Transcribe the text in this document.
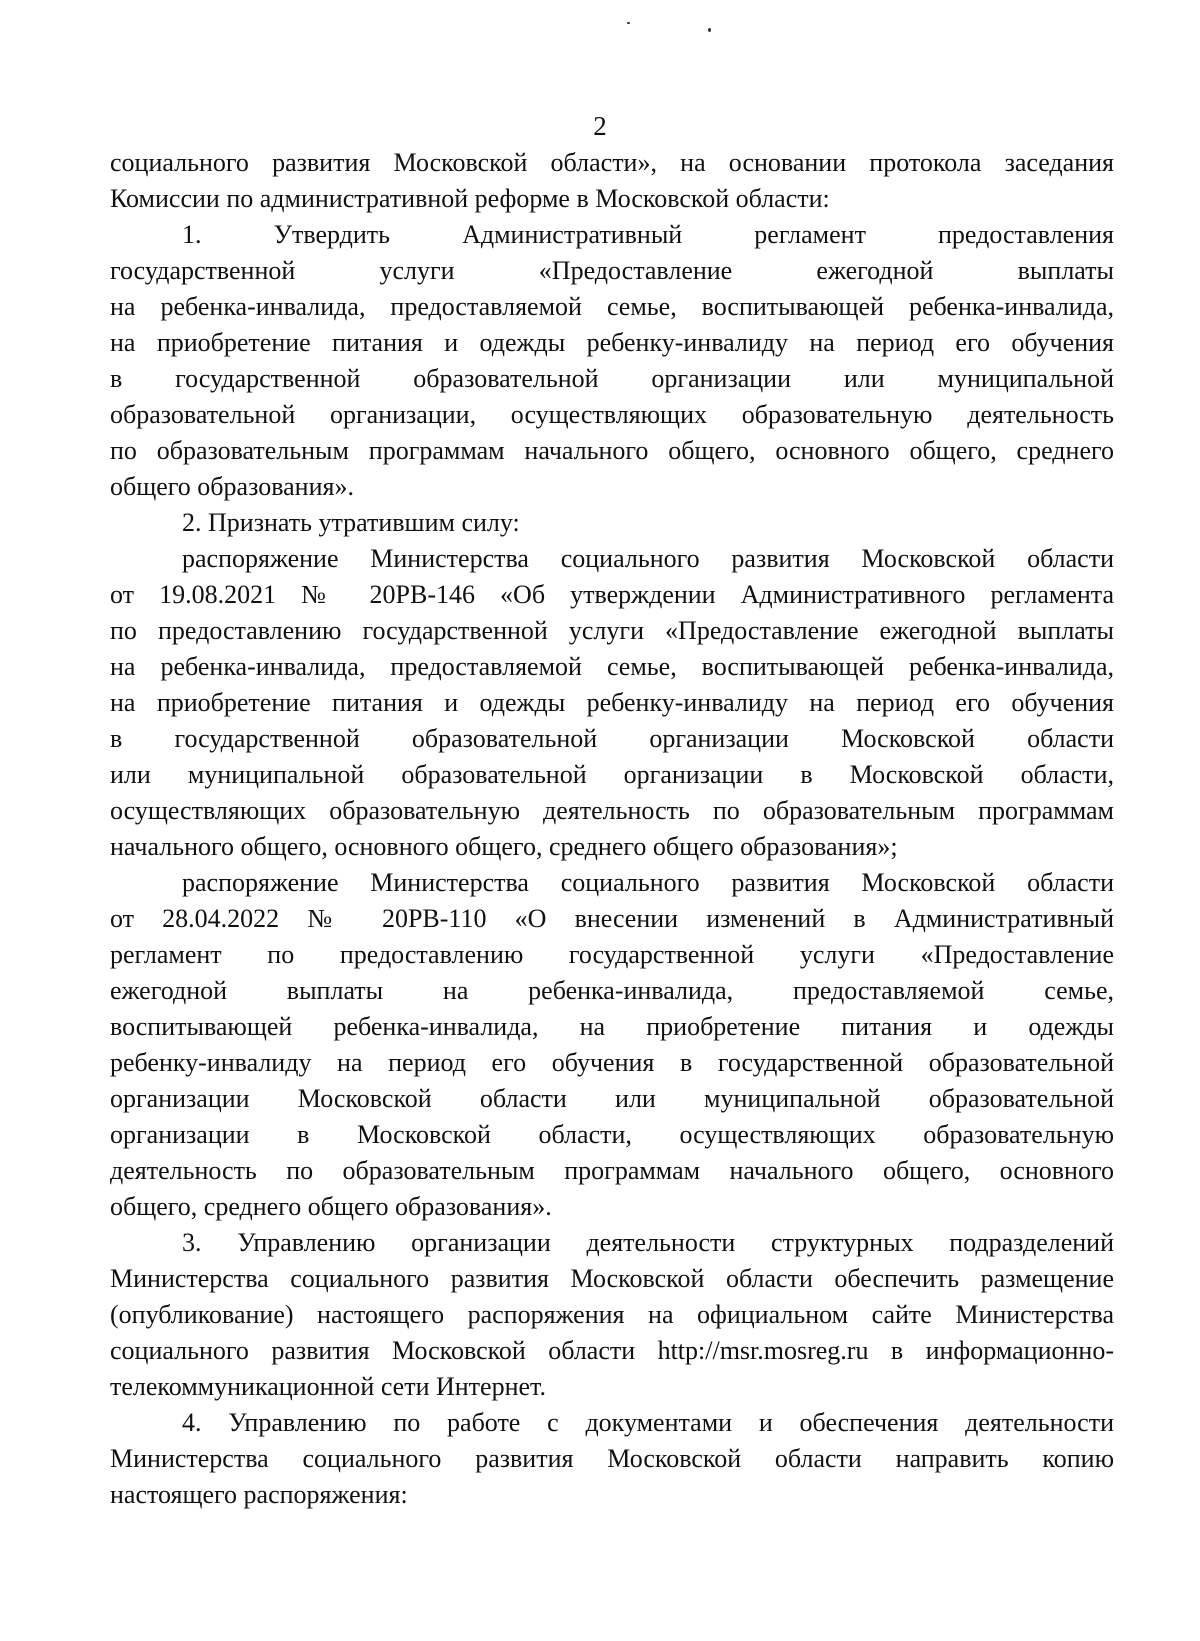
2
социального развития Московской области», на основании протокола заседания
Комиссии по административной реформе в Московской области:
1. Утвердить Административный регламент предоставления
государственной услуги «Предоставление ежегодной выплаты
на ребенка-инвалида, предоставляемой семье, воспитывающей ребенка-инвалида,
на приобретение питания и одежды ребенку-инвалиду на период его обучения
в государственной образовательной организации или муниципальной
образовательной организации, осуществляющих образовательную деятельность
по образовательным программам начального общего, основного общего, среднего
общего образования».
2. Признать утратившим силу:
распоряжение Министерства социального развития Московской области
от 19.08.2021 № 20РВ-146 «Об утверждении Административного регламента
по предоставлению государственной услуги «Предоставление ежегодной выплаты
на ребенка-инвалида, предоставляемой семье, воспитывающей ребенка-инвалида,
на приобретение питания и одежды ребенку-инвалиду на период его обучения
в государственной образовательной организации Московской области
или муниципальной образовательной организации в Московской области,
осуществляющих образовательную деятельность по образовательным программам
начального общего, основного общего, среднего общего образования»;
распоряжение Министерства социального развития Московской области
от 28.04.2022 № 20РВ-110 «О внесении изменений в Административный
регламент по предоставлению государственной услуги «Предоставление
ежегодной выплаты на ребенка-инвалида, предоставляемой семье,
воспитывающей ребенка-инвалида, на приобретение питания и одежды
ребенку-инвалиду на период его обучения в государственной образовательной
организации Московской области или муниципальной образовательной
организации в Московской области, осуществляющих образовательную
деятельность по образовательным программам начального общего, основного
общего, среднего общего образования».
3. Управлению организации деятельности структурных подразделений
Министерства социального развития Московской области обеспечить размещение
(опубликование) настоящего распоряжения на официальном сайте Министерства
социального развития Московской области http://msr.mosreg.ru в информационно-
телекоммуникационной сети Интернет.
4. Управлению по работе с документами и обеспечения деятельности
Министерства социального развития Московской области направить копию
настоящего распоряжения:
